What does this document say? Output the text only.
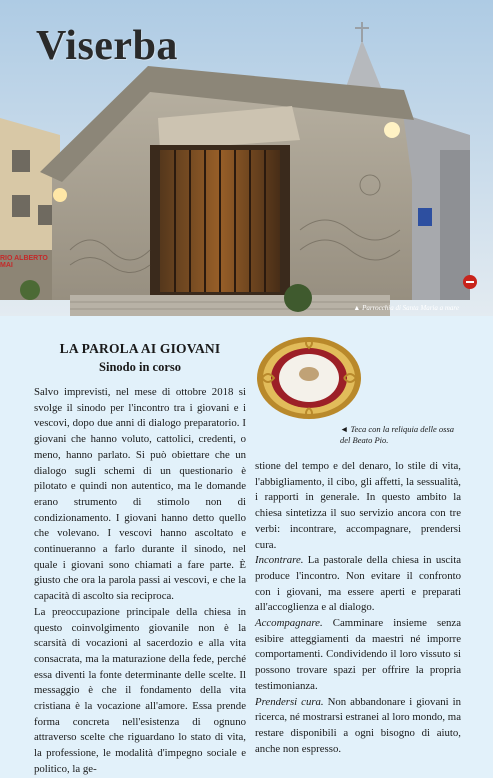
RIO ALBERTO MAI
Viserba
▲ Parrocchia di Santa Maria a mare
LA PAROLA AI GIOVANI
Sinodo in corso

Salvo imprevisti, nel mese di ottobre 2018 si svolge il sinodo per l'incontro tra i giovani e i vescovi, dopo due anni di dialogo preparatorio. I giovani che hanno voluto, cattolici, credenti, o meno, hanno parlato. Si può obiettare che un dialogo sugli schemi di un questionario è pilotato e quindi non autentico, ma le domande erano strumento di stimolo non di condizionamento. I giovani hanno detto quello che volevano. I vescovi hanno ascoltato e continueranno a farlo durante il sinodo, nel quale i giovani sono chiamati a fare parte. È giusto che ora la parola passi ai vescovi, e che la capacità di ascolto sia reciproca.

La preoccupazione principale della chiesa in questo coinvolgimento giovanile non è la scarsità di vocazioni al sacerdozio e alla vita consacrata, ma la maturazione della fede, perché essa diventi la fonte determinante delle scelte. Il messaggio è che il fondamento della vita cristiana è la vocazione all'amore. Essa prende forma concreta nell'esistenza di ognuno attraverso scelte che riguardano lo stato di vita, la professione, le modalità d'impegno sociale e politico, la ge-

◄ Teca con la reliquia delle ossa del Beato Pio.

stione del tempo e del denaro, lo stile di vita, l'abbigliamento, il cibo, gli affetti, la sessualità, i rapporti in generale. In questo ambito la chiesa sintetizza il suo servizio ancora con tre verbi: incontrare, accompagnare, prendersi cura.

Incontrare. La pastorale della chiesa in uscita produce l'incontro. Non evitare il confronto con i giovani, ma essere aperti e preparati all'accoglienza e al dialogo.

Accompagnare. Camminare insieme senza esibire atteggiamenti da maestri né imporre comportamenti. Condividendo il loro vissuto si possono trovare spazi per offrire la propria testimonianza.

Prendersi cura. Non abbandonare i giovani in ricerca, né mostrarsi estranei al loro mondo, ma restare disponibili a ogni bisogno di aiuto, anche non espresso.
